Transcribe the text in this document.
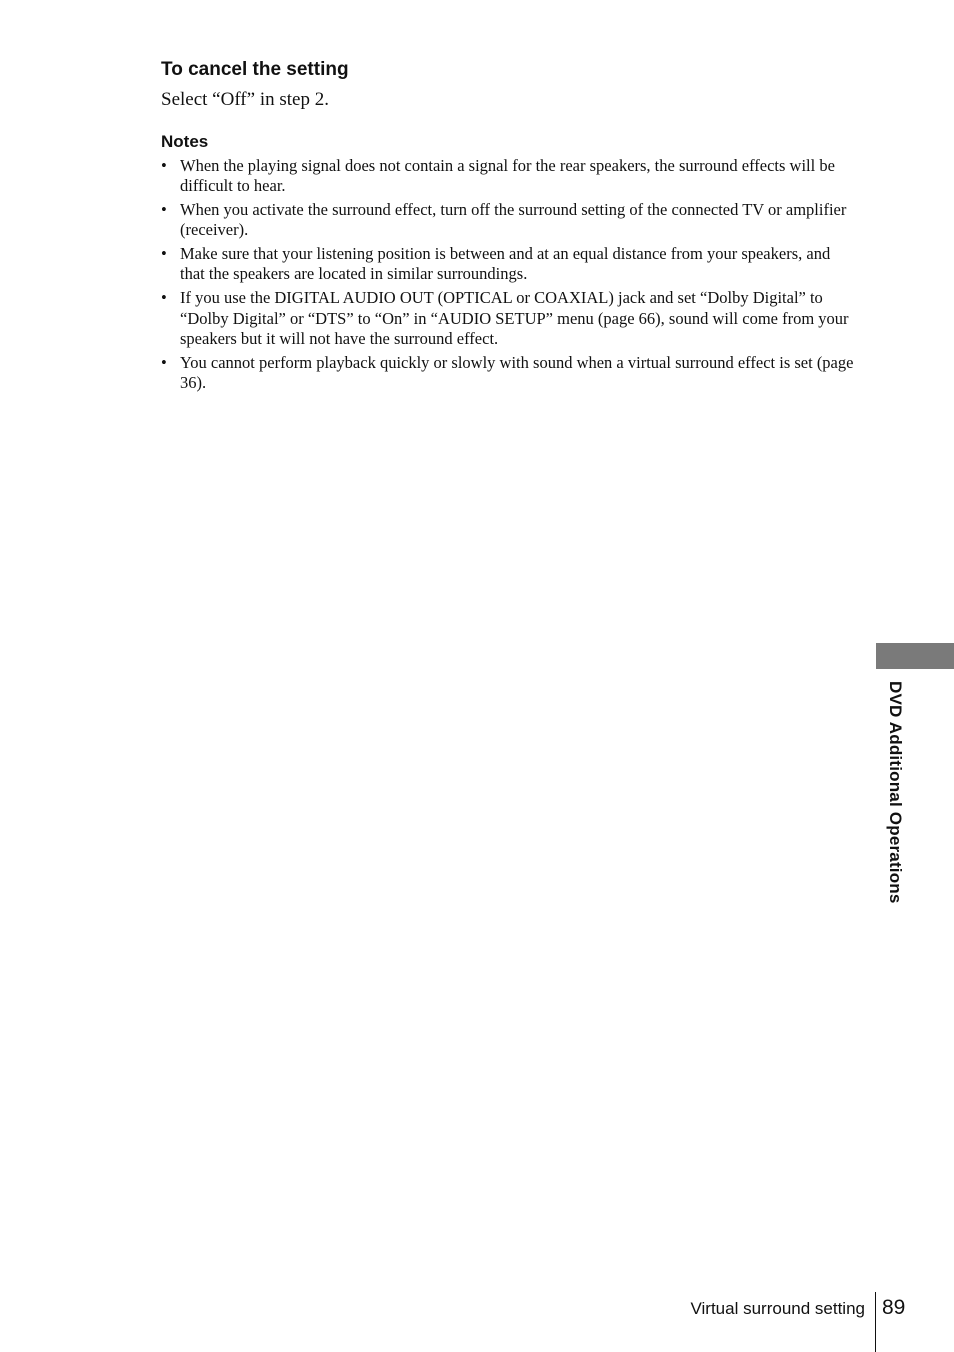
To cancel the setting

Select “Off” in step 2.

Notes
• When the playing signal does not contain a signal for the rear speakers, the surround effects will be difficult to hear.
• When you activate the surround effect, turn off the surround setting of the connected TV or amplifier (receiver).
• Make sure that your listening position is between and at an equal distance from your speakers, and that the speakers are located in similar surroundings.
• If you use the DIGITAL AUDIO OUT (OPTICAL or COAXIAL) jack and set “Dolby Digital” to “Dolby Digital” or “DTS” to “On” in “AUDIO SETUP” menu (page 66), sound will come from your speakers but it will not have the surround effect.
• You cannot perform playback quickly or slowly with sound when a virtual surround effect is set (page 36).
DVD Additional Operations
Virtual surround setting 89
